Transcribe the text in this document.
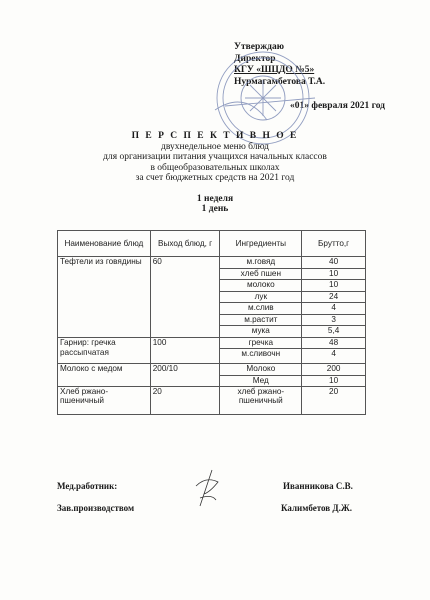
Утверждаю
Директор
КГУ «ШЦДО №5»
Нурмагамбетова Т.А.
«01» февраля 2021 год
П Е Р С П Е К Т И В Н О Е
двухнедельное меню блюд
для организации питания учащихся начальных классов
в общеобразовательных школах
за счет бюджетных средств на 2021 год
1 неделя
1 день
Наименование блюд	Выход блюд, г	Ингредиенты	Брутто,г
Тефтели из говядины	60	м.говяд	40
		хлеб пшен	10
		молоко	10
		лук	24
		м.слив	4
		м.растит	3
		мука	5,4
Гарнир: гречка рассыпчатая	100	гречка	48
		м.сливочн	4
Молоко с медом	200/10	Молоко	200
		Мед	10
Хлеб ржано-пшеничный	20	хлеб ржано-пшеничный	20
Мед.работник:	Иванникова С.В.
Зав.производством	Калимбетов Д.Ж.
